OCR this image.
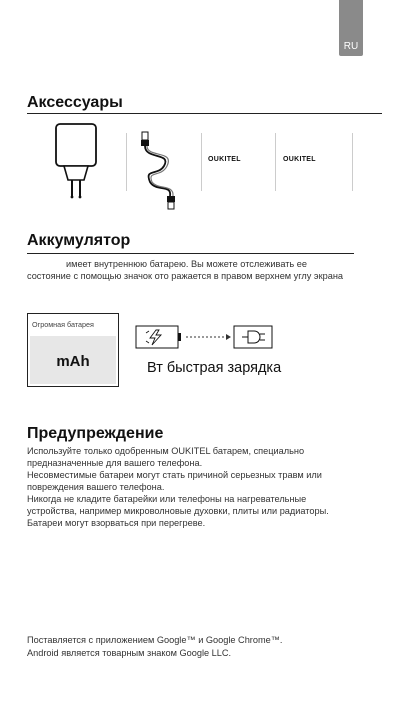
RU
Аксессуары
OUKITEL	OUKITEL
Аккумулятор
имеет внутреннюю батарею. Вы можете отслеживать ее
состояние с помощью значок ото ражается в правом верхнем углу экрана
Огромная батарея
mAh	Вт быстрая зарядка
Предупреждение
Используйте только одобренным OUKITEL батарем, специально
предназначенные для вашего телефона.
Несовместимые батареи могут стать причиной серьезных травм или
повреждения вашего телефона.
Никогда не кладите батарейки или телефоны на нагревательные
устройства, например микроволновые духовки, плиты или радиаторы.
Батареи могут взорваться при перегреве.
Поставляется с приложением Google™ и Google Chrome™.
Android является товарным знаком Google LLC.
